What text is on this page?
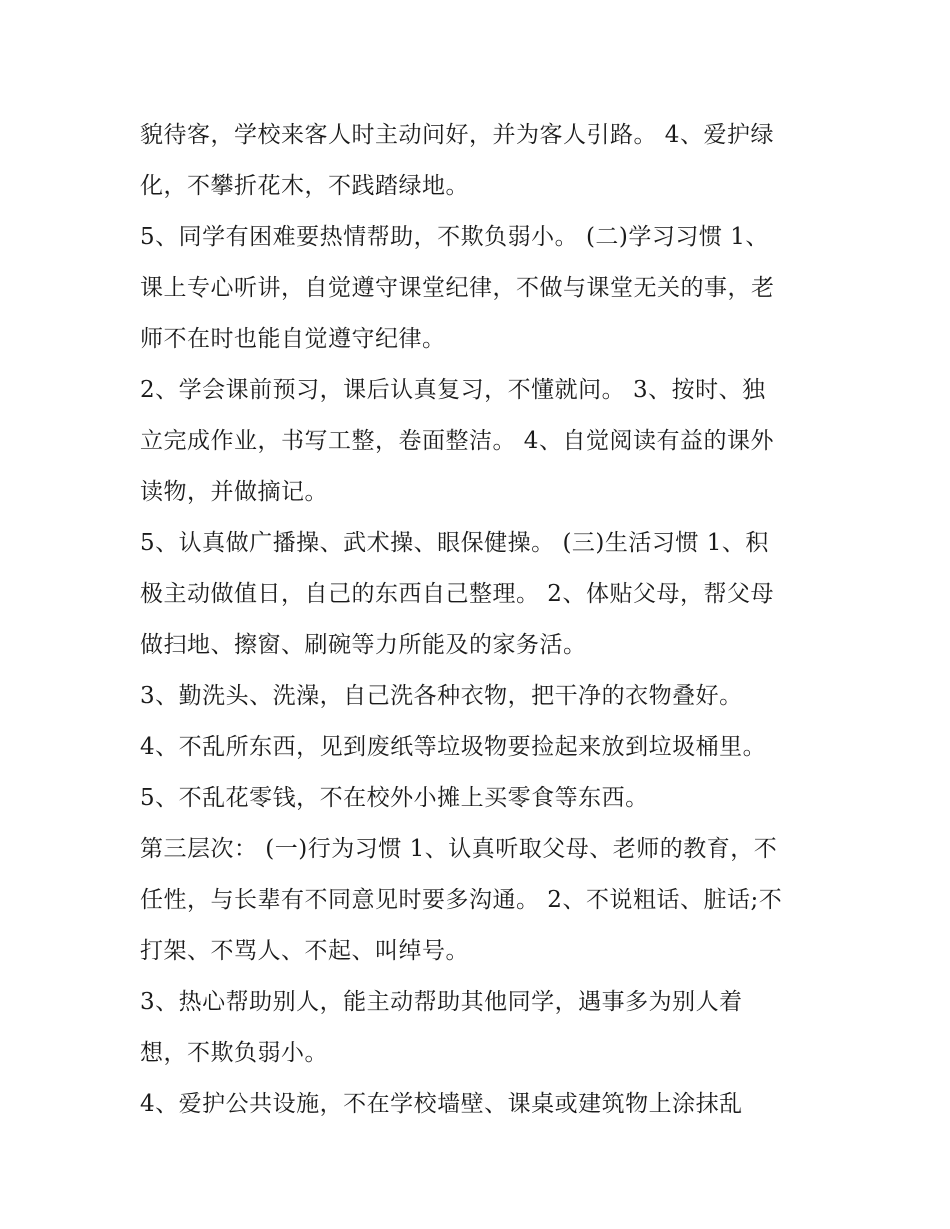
貌待客，学校来客人时主动问好，并为客人引路。 4、爱护绿
化，不攀折花木，不践踏绿地。
5、同学有困难要热情帮助，不欺负弱小。 (二)学习习惯 1、
课上专心听讲，自觉遵守课堂纪律，不做与课堂无关的事，老
师不在时也能自觉遵守纪律。
2、学会课前预习，课后认真复习，不懂就问。 3、按时、独
立完成作业，书写工整，卷面整洁。 4、自觉阅读有益的课外
读物，并做摘记。
5、认真做广播操、武术操、眼保健操。 (三)生活习惯 1、积
极主动做值日，自己的东西自己整理。 2、体贴父母，帮父母
做扫地、擦窗、刷碗等力所能及的家务活。
3、勤洗头、洗澡，自己洗各种衣物，把干净的衣物叠好。
4、不乱所东西，见到废纸等垃圾物要捡起来放到垃圾桶里。
5、不乱花零钱，不在校外小摊上买零食等东西。
第三层次： (一)行为习惯 1、认真听取父母、老师的教育，不
任性，与长辈有不同意见时要多沟通。 2、不说粗话、脏话;不
打架、不骂人、不起、叫绰号。
3、热心帮助别人，能主动帮助其他同学，遇事多为别人着
想，不欺负弱小。
4、爱护公共设施，不在学校墙壁、课桌或建筑物上涂抹乱
